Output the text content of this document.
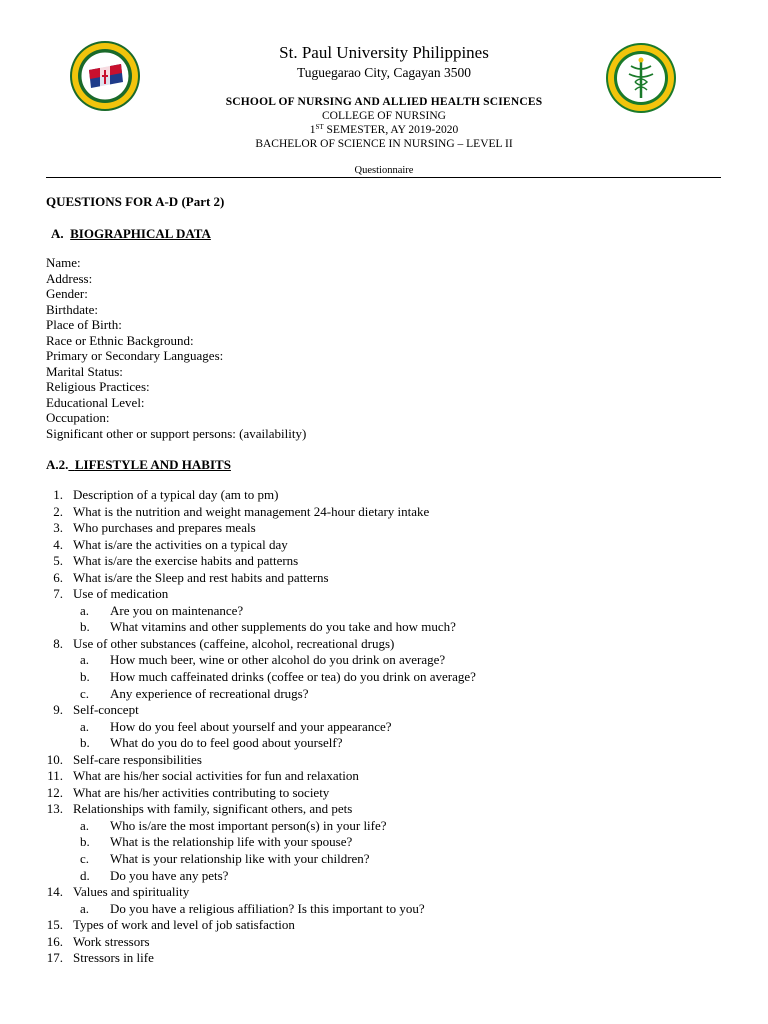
St. Paul University Philippines
Tuguegarao City, Cagayan 3500
SCHOOL OF NURSING AND ALLIED HEALTH SCIENCES
COLLEGE OF NURSING
1ST SEMESTER, AY 2019-2020
BACHELOR OF SCIENCE IN NURSING – LEVEL II
Questionnaire
QUESTIONS FOR A-D (Part 2)
A. BIOGRAPHICAL DATA
Name:
Address:
Gender:
Birthdate:
Place of Birth:
Race or Ethnic Background:
Primary or Secondary Languages:
Marital Status:
Religious Practices:
Educational Level:
Occupation:
Significant other or support persons: (availability)
A.2. LIFESTYLE AND HABITS
1. Description of a typical day (am to pm)
2. What is the nutrition and weight management 24-hour dietary intake
3. Who purchases and prepares meals
4. What is/are the activities on a typical day
5. What is/are the exercise habits and patterns
6. What is/are the Sleep and rest habits and patterns
7. Use of medication
a.	Are you on maintenance?
b.	What vitamins and other supplements do you take and how much?
8. Use of other substances (caffeine, alcohol, recreational drugs)
a.	How much beer, wine or other alcohol do you drink on average?
b.	How much caffeinated drinks (coffee or tea) do you drink on average?
c.	Any experience of recreational drugs?
9. Self-concept
a.	How do you feel about yourself and your appearance?
b.	What do you do to feel good about yourself?
10. Self-care responsibilities
11. What are his/her social activities for fun and relaxation
12. What are his/her activities contributing to society
13. Relationships with family, significant others, and pets
a.	Who is/are the most important person(s) in your life?
b.	What is the relationship life with your spouse?
c.	What is your relationship like with your children?
d.	Do you have any pets?
14. Values and spirituality
a.	Do you have a religious affiliation? Is this important to you?
15. Types of work and level of job satisfaction
16. Work stressors
17. Stressors in life
